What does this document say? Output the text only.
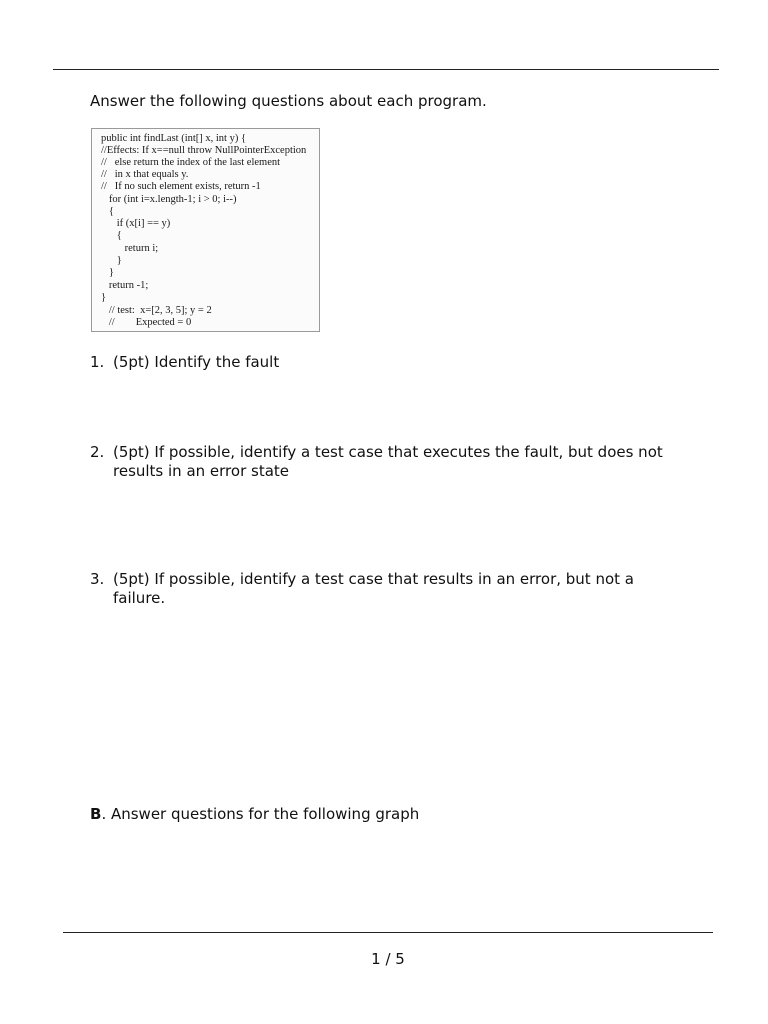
Answer the following questions about each program.
public int findLast (int[] x, int y) {
//Effects: If x==null throw NullPointerException
//   else return the index of the last element
//   in x that equals y.
//   If no such element exists, return -1
for (int i=x.length-1; i > 0; i--)
{
if (x[i] == y)
{
return i;
}
}
return -1;
}
// test:  x=[2, 3, 5]; y = 2
//        Expected = 0
1. (5pt) Identify the fault
2. (5pt) If possible, identify a test case that executes the fault, but does not results in an error state
3. (5pt) If possible, identify a test case that results in an error, but not a failure.
B. Answer questions for the following graph
1 / 5
